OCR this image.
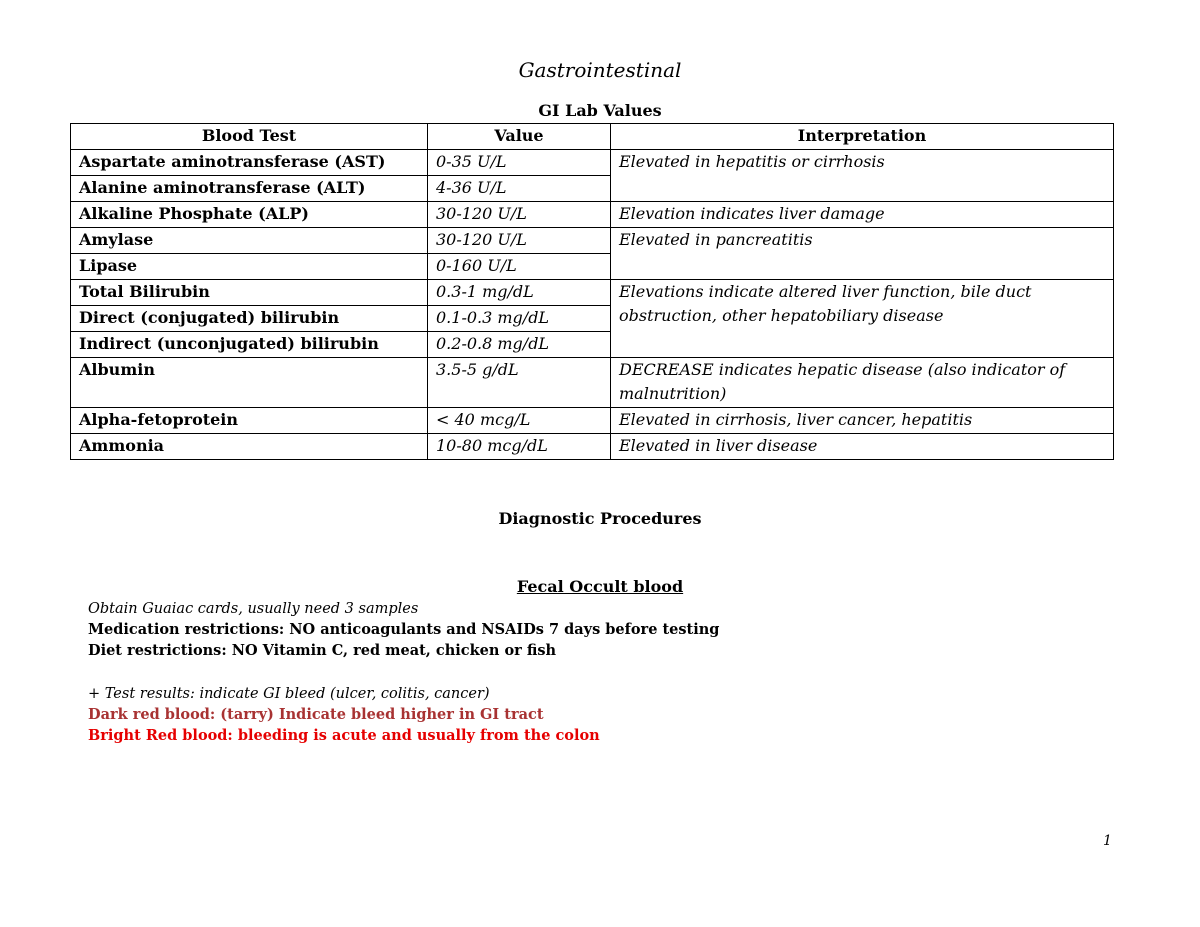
Gastrointestinal
GI Lab Values
Blood Test	Value	Interpretation
Aspartate aminotransferase (AST)	0-35 U/L	Elevated in hepatitis or cirrhosis
Alanine aminotransferase (ALT)	4-36 U/L	
Alkaline Phosphate (ALP)	30-120 U/L	Elevation indicates liver damage
Amylase	30-120 U/L	Elevated in pancreatitis
Lipase	0-160 U/L	
Total Bilirubin	0.3-1 mg/dL	Elevations indicate altered liver function, bile duct obstruction, other hepatobiliary disease
Direct (conjugated) bilirubin	0.1-0.3 mg/dL	
Indirect (unconjugated) bilirubin	0.2-0.8 mg/dL	
Albumin	3.5-5 g/dL	DECREASE indicates hepatic disease (also indicator of malnutrition)
Alpha-fetoprotein	< 40 mcg/L	Elevated in cirrhosis, liver cancer, hepatitis
Ammonia	10-80 mcg/dL	Elevated in liver disease
Diagnostic Procedures
Fecal Occult blood
Obtain Guaiac cards, usually need 3 samples
Medication restrictions: NO anticoagulants and NSAIDs 7 days before testing
Diet restrictions: NO Vitamin C, red meat, chicken or fish
+ Test results: indicate GI bleed (ulcer, colitis, cancer)
Dark red blood: (tarry) Indicate bleed higher in GI tract
Bright Red blood: bleeding is acute and usually from the colon
1
